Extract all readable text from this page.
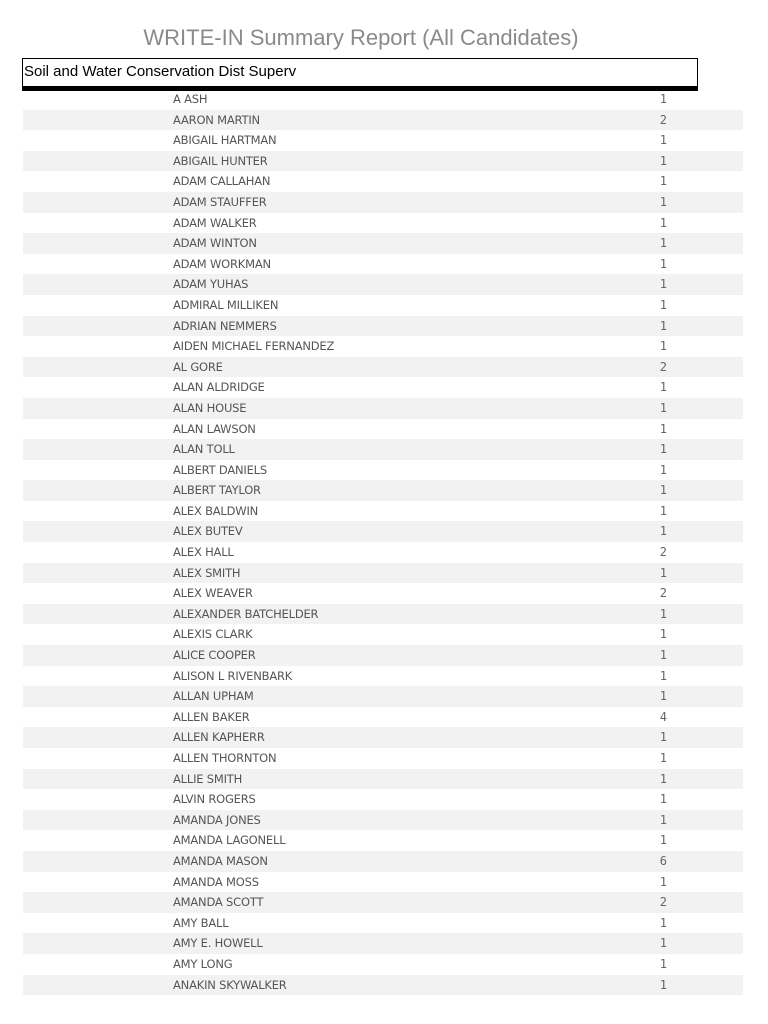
WRITE-IN Summary Report (All Candidates)
Soil and Water Conservation Dist Superv
A ASH	1
AARON MARTIN	2
ABIGAIL HARTMAN	1
ABIGAIL HUNTER	1
ADAM CALLAHAN	1
ADAM STAUFFER	1
ADAM WALKER	1
ADAM WINTON	1
ADAM WORKMAN	1
ADAM YUHAS	1
ADMIRAL MILLIKEN	1
ADRIAN NEMMERS	1
AIDEN MICHAEL FERNANDEZ	1
AL GORE	2
ALAN ALDRIDGE	1
ALAN HOUSE	1
ALAN LAWSON	1
ALAN TOLL	1
ALBERT DANIELS	1
ALBERT TAYLOR	1
ALEX BALDWIN	1
ALEX BUTEV	1
ALEX HALL	2
ALEX SMITH	1
ALEX WEAVER	2
ALEXANDER BATCHELDER	1
ALEXIS CLARK	1
ALICE COOPER	1
ALISON L RIVENBARK	1
ALLAN UPHAM	1
ALLEN BAKER	4
ALLEN KAPHERR	1
ALLEN THORNTON	1
ALLIE SMITH	1
ALVIN ROGERS	1
AMANDA JONES	1
AMANDA LAGONELL	1
AMANDA MASON	6
AMANDA MOSS	1
AMANDA SCOTT	2
AMY BALL	1
AMY E. HOWELL	1
AMY LONG	1
ANAKIN SKYWALKER	1
